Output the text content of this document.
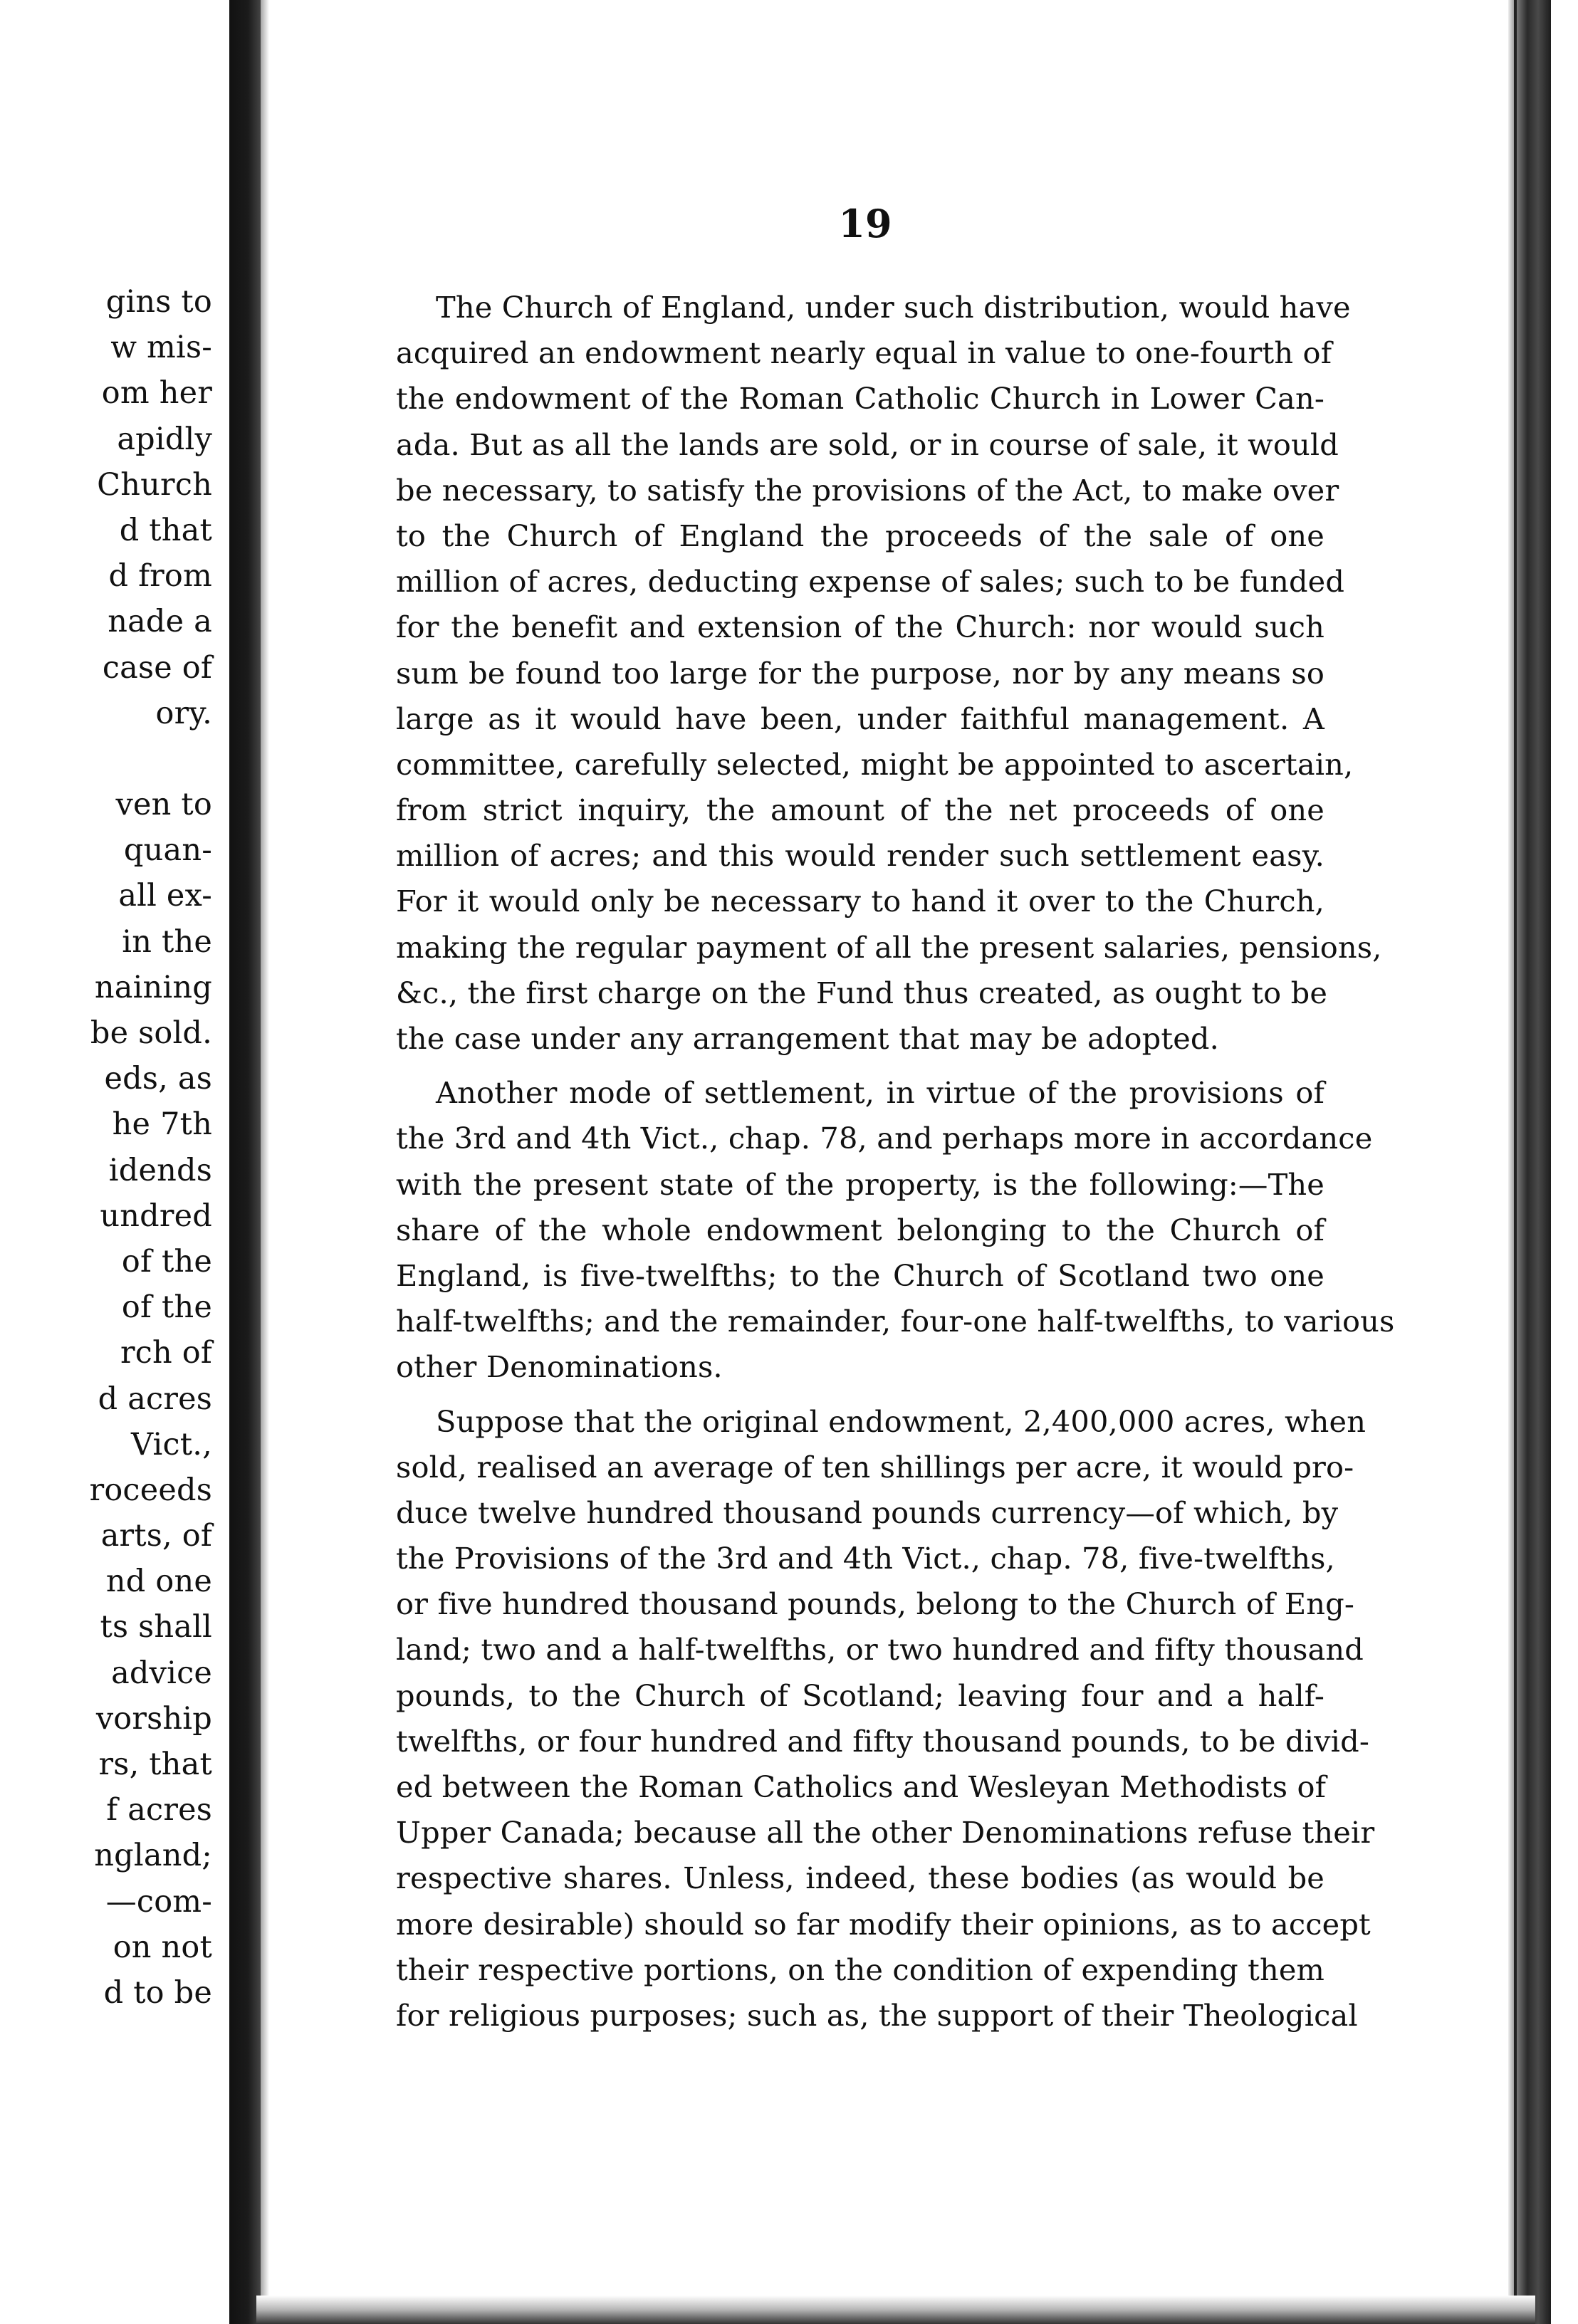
gins to
w mis-
om her
apidly
Church
d that
d from
nade a
case of
ory.
ven to
quan-
all ex-
in the
naining
be sold.
eds, as
he 7th
idends
undred
of the
of the
rch of
d acres
Vict.,
roceeds
arts, of
nd one
ts shall
advice
vorship
rs, that
f acres
ngland;
—com-
on not
d to be
19
The Church of England, under such distribution, would have
acquired an endowment nearly equal in value to one-fourth of
the endowment of the Roman Catholic Church in Lower Can-
ada. But as all the lands are sold, or in course of sale, it would
be necessary, to satisfy the provisions of the Act, to make over
to the Church of England the proceeds of the sale of one
million of acres, deducting expense of sales; such to be funded
for the benefit and extension of the Church: nor would such
sum be found too large for the purpose, nor by any means so
large as it would have been, under faithful management. A
committee, carefully selected, might be appointed to ascertain,
from strict inquiry, the amount of the net proceeds of one
million of acres; and this would render such settlement easy.
For it would only be necessary to hand it over to the Church,
making the regular payment of all the present salaries, pensions,
&c., the first charge on the Fund thus created, as ought to be
the case under any arrangement that may be adopted.
Another mode of settlement, in virtue of the provisions of
the 3rd and 4th Vict., chap. 78, and perhaps more in accordance
with the present state of the property, is the following:—The
share of the whole endowment belonging to the Church of
England, is five-twelfths; to the Church of Scotland two one
half-twelfths; and the remainder, four-one half-twelfths, to various
other Denominations.
Suppose that the original endowment, 2,400,000 acres, when
sold, realised an average of ten shillings per acre, it would pro-
duce twelve hundred thousand pounds currency—of which, by
the Provisions of the 3rd and 4th Vict., chap. 78, five-twelfths,
or five hundred thousand pounds, belong to the Church of Eng-
land; two and a half-twelfths, or two hundred and fifty thousand
pounds, to the Church of Scotland; leaving four and a half-
twelfths, or four hundred and fifty thousand pounds, to be divid-
ed between the Roman Catholics and Wesleyan Methodists of
Upper Canada; because all the other Denominations refuse their
respective shares. Unless, indeed, these bodies (as would be
more desirable) should so far modify their opinions, as to accept
their respective portions, on the condition of expending them
for religious purposes; such as, the support of their Theological
